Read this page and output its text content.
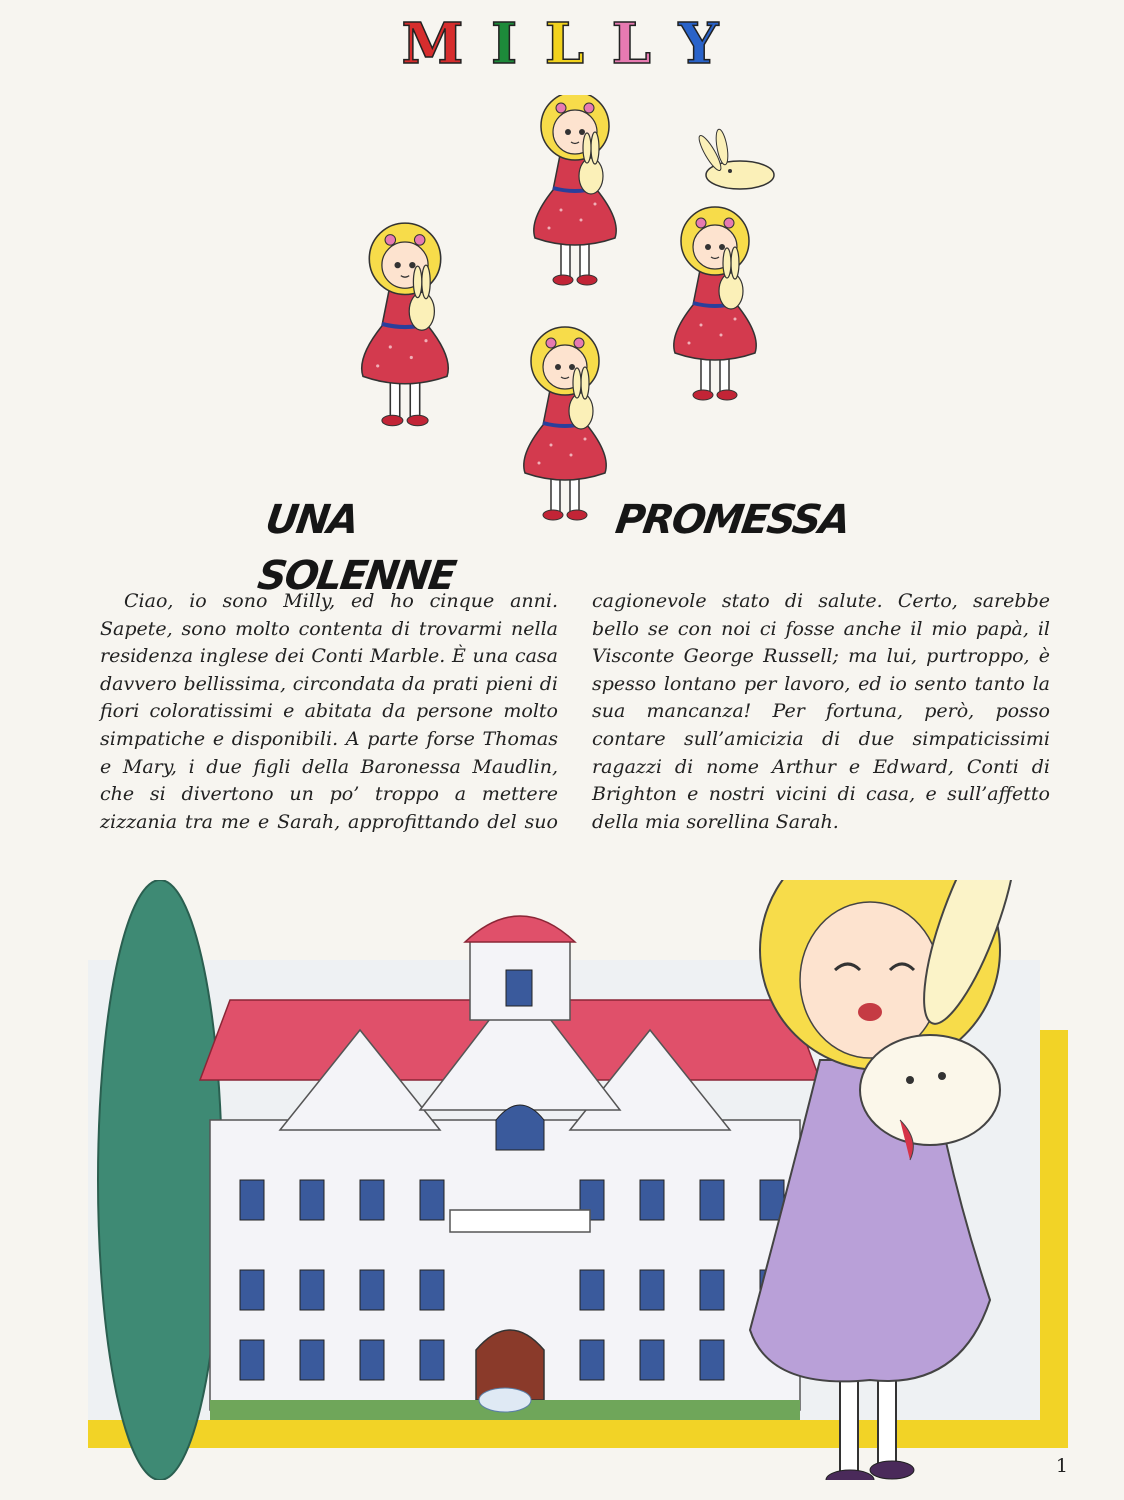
M I L L Y
UNA SOLENNE
PROMESSA

Ciao, io sono Milly, ed ho cinque anni. Sapete, sono molto contenta di trovarmi nella residenza inglese dei Conti Marble. È una casa davvero bellissima, circondata da prati pieni di fiori coloratissimi e abitata da persone molto simpatiche e disponibili. A parte forse Thomas e Mary, i due figli della Baronessa Maudlin, che si divertono un po’ troppo a mettere zizzania tra me e Sarah, approfittando del suo cagionevole stato di salute. Certo, sarebbe bello se con noi ci fosse anche il mio papà, il Visconte George Russell; ma lui, purtroppo, è spesso lontano per lavoro, ed io sento tanto la sua mancanza! Per fortuna, però, posso contare sull’amicizia di due simpaticissimi ragazzi di nome Arthur e Edward, Conti di Brighton e nostri vicini di casa, e sull’affetto della mia sorellina Sarah.

1
